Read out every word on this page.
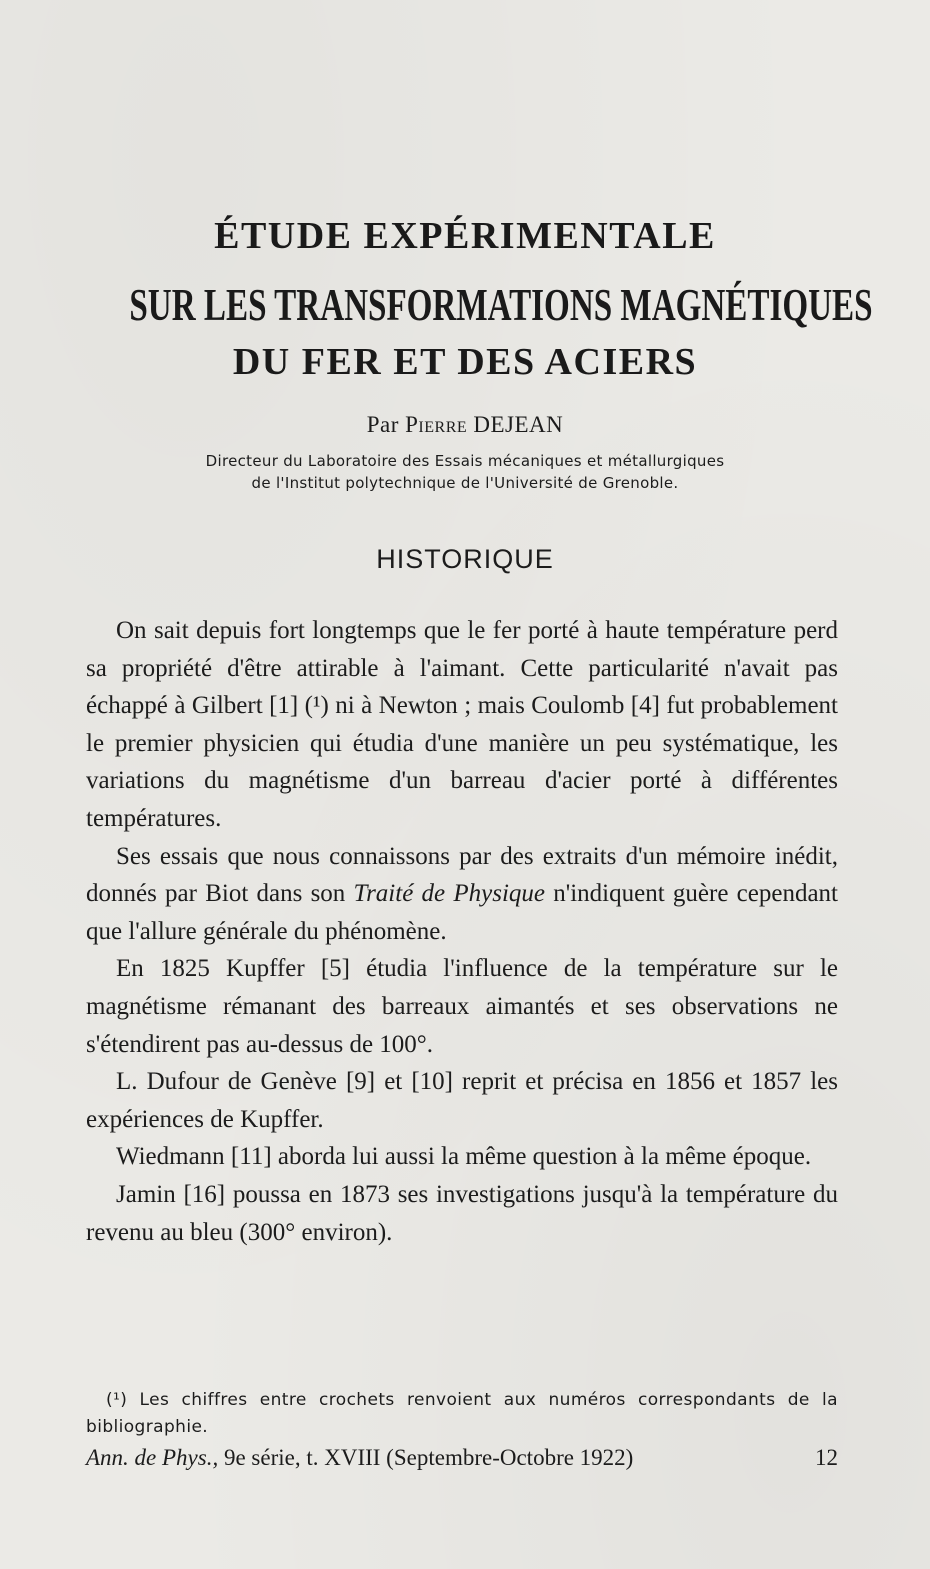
ÉTUDE EXPÉRIMENTALE
SUR LES TRANSFORMATIONS MAGNÉTIQUES
DU FER ET DES ACIERS
Par Pierre DEJEAN
Directeur du Laboratoire des Essais mécaniques et métallurgiques
de l'Institut polytechnique de l'Université de Grenoble.
HISTORIQUE

On sait depuis fort longtemps que le fer porté à haute température perd sa propriété d'être attirable à l'aimant. Cette particularité n'avait pas échappé à Gilbert [1] (¹) ni à Newton ; mais Coulomb [4] fut probablement le premier physicien qui étudia d'une manière un peu systématique, les variations du magnétisme d'un barreau d'acier porté à différentes températures.

Ses essais que nous connaissons par des extraits d'un mémoire inédit, donnés par Biot dans son Traité de Physique n'indiquent guère cependant que l'allure générale du phénomène.

En 1825 Kupffer [5] étudia l'influence de la température sur le magnétisme rémanant des barreaux aimantés et ses observations ne s'étendirent pas au-dessus de 100°.

L. Dufour de Genève [9] et [10] reprit et précisa en 1856 et 1857 les expériences de Kupffer.

Wiedmann [11] aborda lui aussi la même question à la même époque.

Jamin [16] poussa en 1873 ses investigations jusqu'à la température du revenu au bleu (300° environ).

(¹) Les chiffres entre crochets renvoient aux numéros correspondants de la bibliographie.

Ann. de Phys., 9e série, t. XVIII (Septembre-Octobre 1922)	12
